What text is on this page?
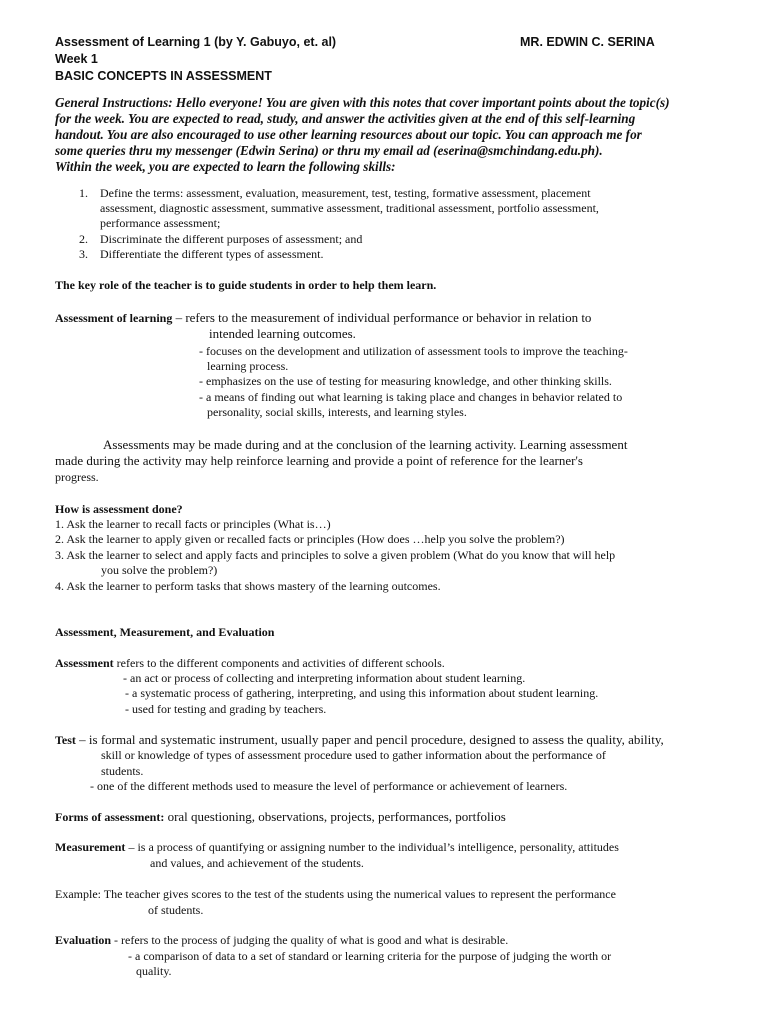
Assessment of Learning 1 (by Y. Gabuyo, et. al)	MR. EDWIN C. SERINA
Week 1
BASIC CONCEPTS IN ASSESSMENT
General Instructions: Hello everyone! You are given with this notes that cover important points about the topic(s)
for the week. You are expected to read, study, and answer the activities given at the end of this self-learning
handout. You are also encouraged to use other learning resources about our topic. You can approach me for
some queries thru my messenger (Edwin Serina) or thru my email ad (eserina@smchindang.edu.ph).
Within the week, you are expected to learn the following skills:
1. Define the terms: assessment, evaluation, measurement, test, testing, formative assessment, placement
assessment, diagnostic assessment, summative assessment, traditional assessment, portfolio assessment,
performance assessment;
2. Discriminate the different purposes of assessment; and
3. Differentiate the different types of assessment.
The key role of the teacher is to guide students in order to help them learn.
Assessment of learning – refers to the measurement of individual performance or behavior in relation to
intended learning outcomes.
- focuses on the development and utilization of assessment tools to improve the teaching-
learning process.
- emphasizes on the use of testing for measuring knowledge, and other thinking skills.
- a means of finding out what learning is taking place and changes in behavior related to
personality, social skills, interests, and learning styles.
Assessments may be made during and at the conclusion of the learning activity. Learning assessment
made during the activity may help reinforce learning and provide a point of reference for the learner's
progress.
How is assessment done?
1. Ask the learner to recall facts or principles (What is…)
2. Ask the learner to apply given or recalled facts or principles (How does …help you solve the problem?)
3. Ask the learner to select and apply facts and principles to solve a given problem (What do you know that will help
you solve the problem?)
4. Ask the learner to perform tasks that shows mastery of the learning outcomes.
Assessment, Measurement, and Evaluation
Assessment refers to the different components and activities of different schools.
- an act or process of collecting and interpreting information about student learning.
- a systematic process of gathering, interpreting, and using this information about student learning.
- used for testing and grading by teachers.
Test – is formal and systematic instrument, usually paper and pencil procedure, designed to assess the quality, ability,
skill or knowledge of types of assessment procedure used to gather information about the performance of
students.
- one of the different methods used to measure the level of performance or achievement of learners.
Forms of assessment: oral questioning, observations, projects, performances, portfolios
Measurement – is a process of quantifying or assigning number to the individual’s intelligence, personality, attitudes
and values, and achievement of the students.
Example: The teacher gives scores to the test of the students using the numerical values to represent the performance
of students.
Evaluation - refers to the process of judging the quality of what is good and what is desirable.
- a comparison of data to a set of standard or learning criteria for the purpose of judging the worth or
quality.
